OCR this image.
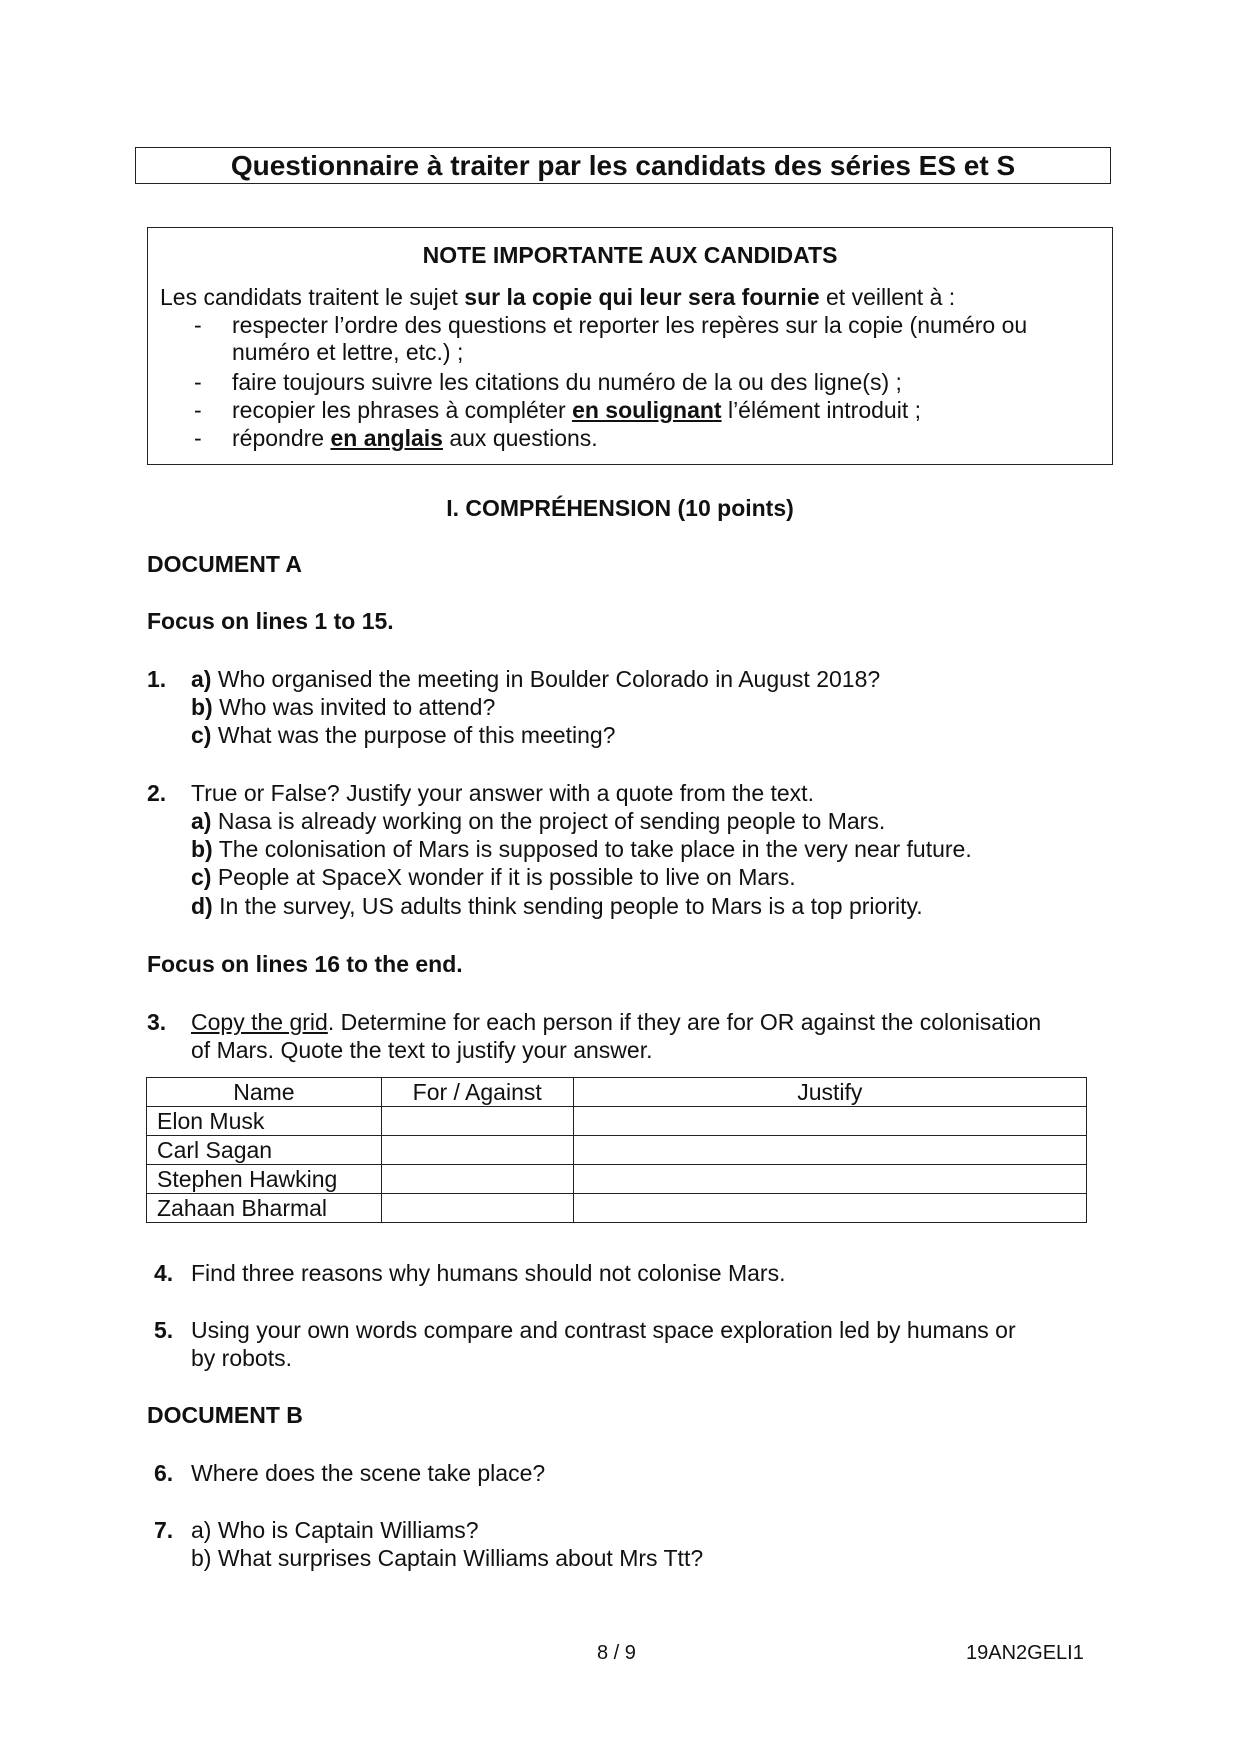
Questionnaire à traiter par les candidats des séries ES et S
NOTE IMPORTANTE AUX CANDIDATS
Les candidats traitent le sujet sur la copie qui leur sera fournie et veillent à :
- respecter l’ordre des questions et reporter les repères sur la copie (numéro ou
numéro et lettre, etc.) ;
- faire toujours suivre les citations du numéro de la ou des ligne(s) ;
- recopier les phrases à compléter en soulignant l’élément introduit ;
- répondre en anglais aux questions.
I. COMPRÉHENSION (10 points)
DOCUMENT A
Focus on lines 1 to 15.
1. a) Who organised the meeting in Boulder Colorado in August 2018?
b) Who was invited to attend?
c) What was the purpose of this meeting?
2. True or False? Justify your answer with a quote from the text.
a) Nasa is already working on the project of sending people to Mars.
b) The colonisation of Mars is supposed to take place in the very near future.
c) People at SpaceX wonder if it is possible to live on Mars.
d) In the survey, US adults think sending people to Mars is a top priority.
Focus on lines 16 to the end.
3. Copy the grid. Determine for each person if they are for OR against the colonisation
of Mars. Quote the text to justify your answer.
Name	For / Against	Justify
Elon Musk		
Carl Sagan		
Stephen Hawking		
Zahaan Bharmal		
4. Find three reasons why humans should not colonise Mars.
5. Using your own words compare and contrast space exploration led by humans or
by robots.
DOCUMENT B
6. Where does the scene take place?
7. a) Who is Captain Williams?
b) What surprises Captain Williams about Mrs Ttt?
8 / 9	19AN2GELI1
